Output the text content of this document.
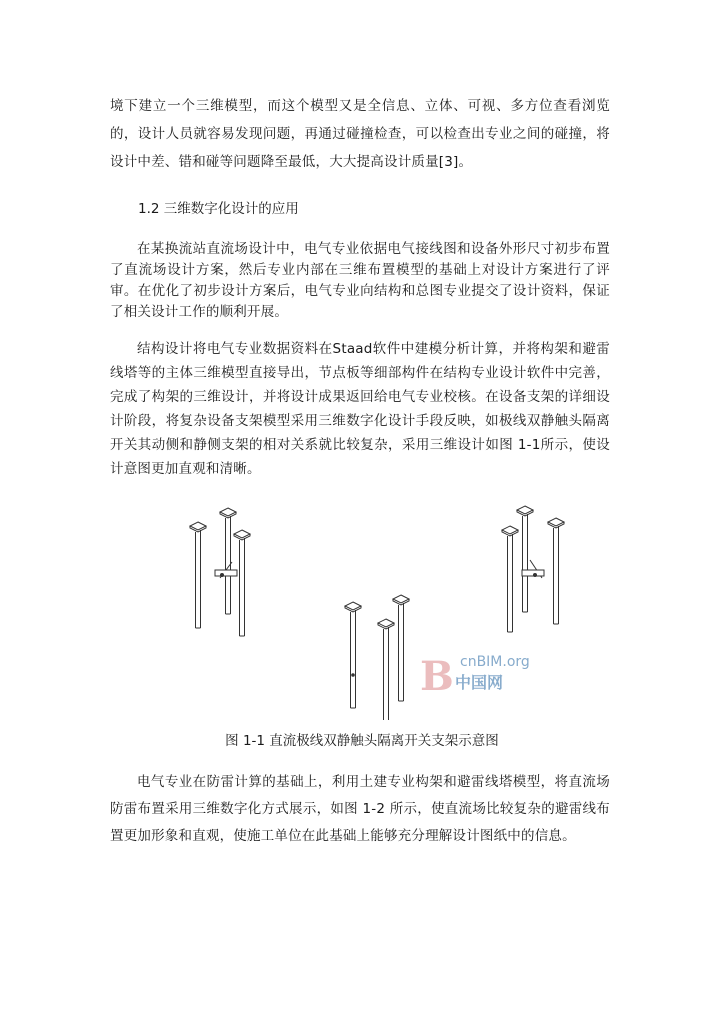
境下建立一个三维模型，而这个模型又是全信息、立体、可视、多方位查看浏览的，设计人员就容易发现问题，再通过碰撞检查，可以检查出专业之间的碰撞，将设计中差、错和碰等问题降至最低，大大提高设计质量[3]。

1.2 三维数字化设计的应用

在某换流站直流场设计中，电气专业依据电气接线图和设备外形尺寸初步布置了直流场设计方案，然后专业内部在三维布置模型的基础上对设计方案进行了评审。在优化了初步设计方案后，电气专业向结构和总图专业提交了设计资料，保证了相关设计工作的顺利开展。

结构设计将电气专业数据资料在Staad软件中建模分析计算，并将构架和避雷线塔等的主体三维模型直接导出，节点板等细部构件在结构专业设计软件中完善，完成了构架的三维设计，并将设计成果返回给电气专业校核。在设备支架的详细设计阶段，将复杂设备支架模型采用三维数字化设计手段反映，如极线双静触头隔离开关其动侧和静侧支架的相对关系就比较复杂，采用三维设计如图 1-1所示，使设计意图更加直观和清晰。

B cnBIM.org
中国网

图 1-1 直流极线双静触头隔离开关支架示意图

电气专业在防雷计算的基础上，利用土建专业构架和避雷线塔模型，将直流场防雷布置采用三维数字化方式展示，如图 1-2 所示，使直流场比较复杂的避雷线布置更加形象和直观，使施工单位在此基础上能够充分理解设计图纸中的信息。
